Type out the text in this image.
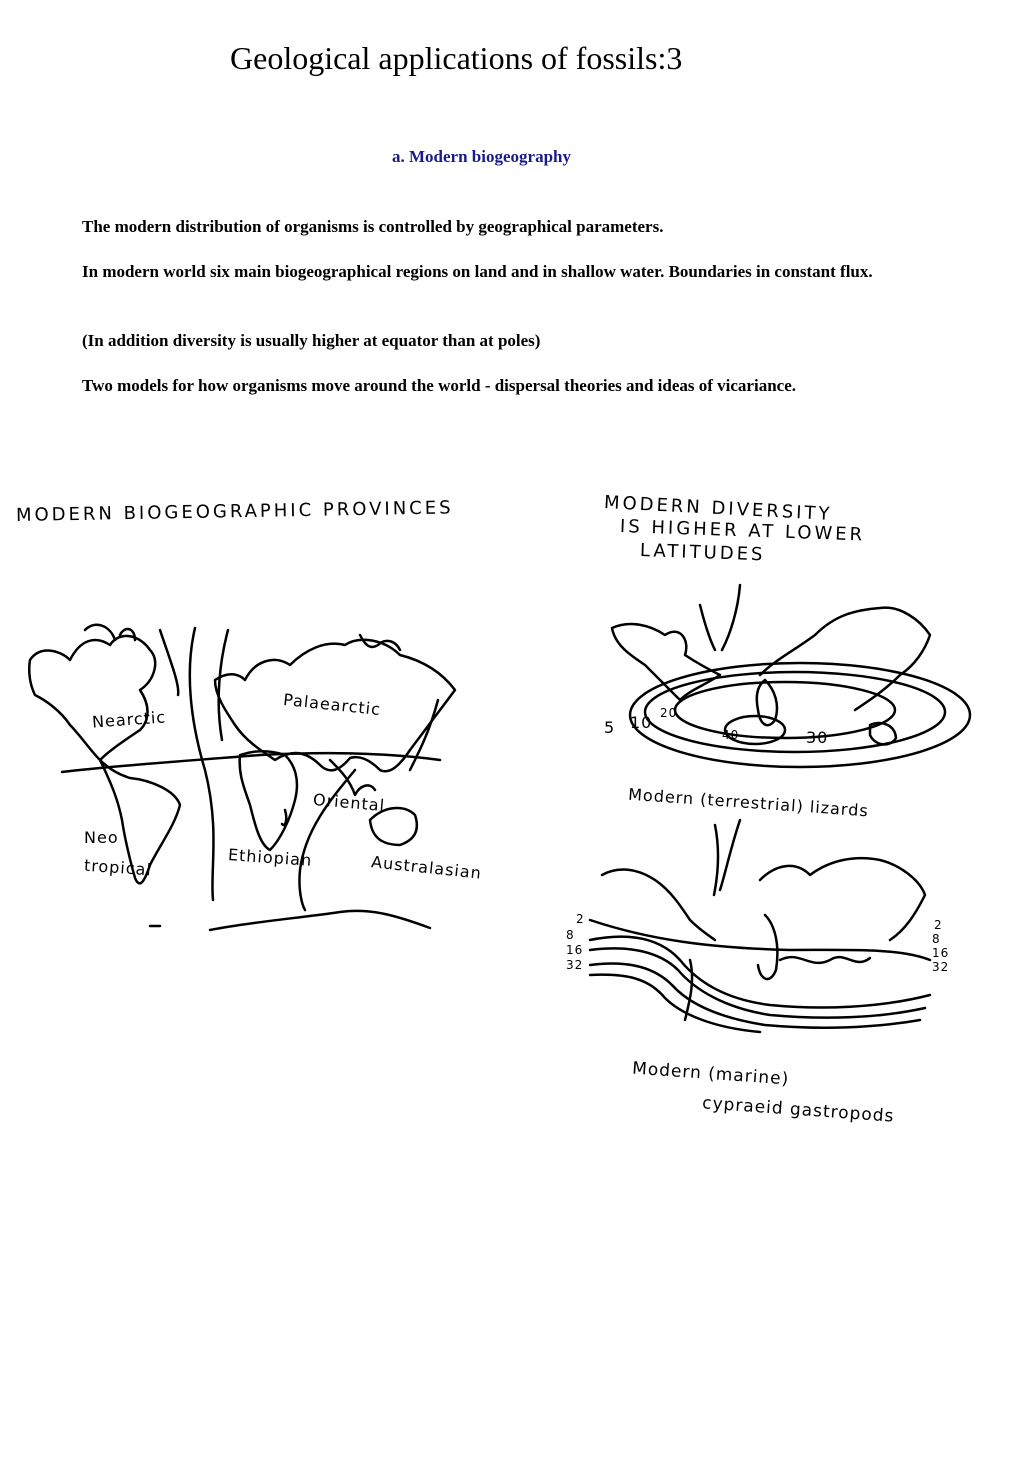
Geological applications of fossils:3
a. Modern biogeography

The modern distribution of organisms is controlled by geographical parameters.

In modern world six main biogeographical regions on land and in shallow water. Boundaries in constant flux.

(In addition diversity is usually higher at equator than at poles)

Two models for how organisms move around the world - dispersal theories and ideas of vicariance.

MODERN BIOGEOGRAPHIC PROVINCES
Nearctic
Palaearctic
Oriental
Neo
tropical	Ethiopian	Australasian
MODERN DIVERSITY
IS HIGHER AT LOWER
LATITUDES
5 10 20
40	30
Modern (terrestrial) lizards
2
8
16
32
2
8
16
32
Modern (marine)
cypraeid gastropods
